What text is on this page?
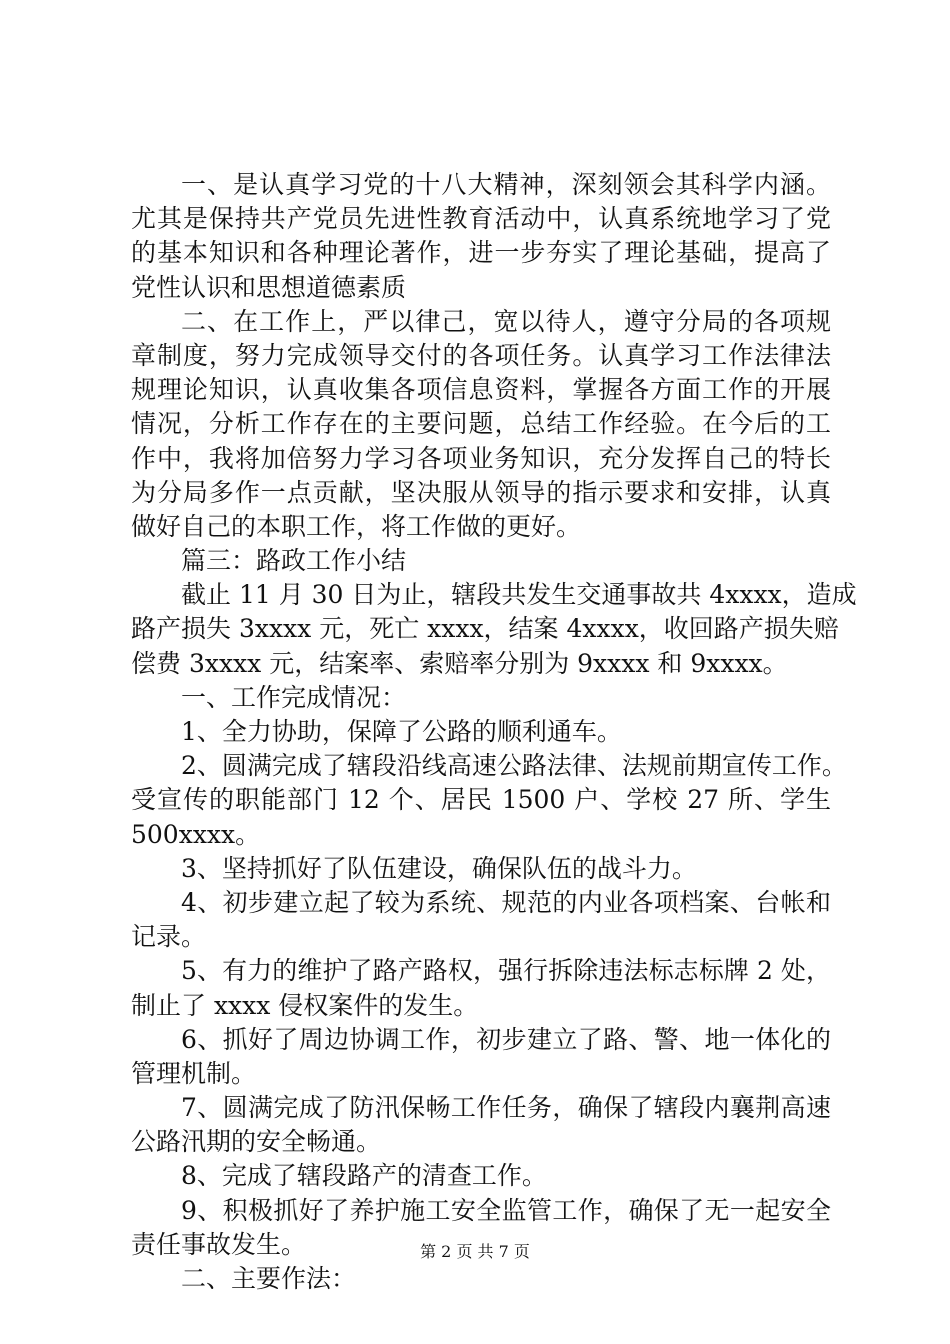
一、是认真学习党的十八大精神，深刻领会其科学内涵。
尤其是保持共产党员先进性教育活动中，认真系统地学习了党
的基本知识和各种理论著作，进一步夯实了理论基础，提高了
党性认识和思想道德素质
二、在工作上，严以律己，宽以待人，遵守分局的各项规
章制度，努力完成领导交付的各项任务。认真学习工作法律法
规理论知识，认真收集各项信息资料，掌握各方面工作的开展
情况，分析工作存在的主要问题，总结工作经验。在今后的工
作中，我将加倍努力学习各项业务知识，充分发挥自己的特长
为分局多作一点贡献，坚决服从领导的指示要求和安排，认真
做好自己的本职工作，将工作做的更好。
篇三：路政工作小结
截止 11 月 30 日为止，辖段共发生交通事故共 4xxxx，造成
路产损失 3xxxx 元，死亡 xxxx，结案 4xxxx，收回路产损失赔
偿费 3xxxx 元，结案率、索赔率分别为 9xxxx 和 9xxxx。
一、工作完成情况：
1、全力协助，保障了公路的顺利通车。
2、圆满完成了辖段沿线高速公路法律、法规前期宣传工作。
受宣传的职能部门 12 个、居民 1500 户、学校 27 所、学生
500xxxx。
3、坚持抓好了队伍建设，确保队伍的战斗力。
4、初步建立起了较为系统、规范的内业各项档案、台帐和
记录。
5、有力的维护了路产路权，强行拆除违法标志标牌 2 处，
制止了 xxxx 侵权案件的发生。
6、抓好了周边协调工作，初步建立了路、警、地一体化的
管理机制。
7、圆满完成了防汛保畅工作任务，确保了辖段内襄荆高速
公路汛期的安全畅通。
8、完成了辖段路产的清查工作。
9、积极抓好了养护施工安全监管工作，确保了无一起安全
责任事故发生。
二、主要作法：
第 2 页 共 7 页
